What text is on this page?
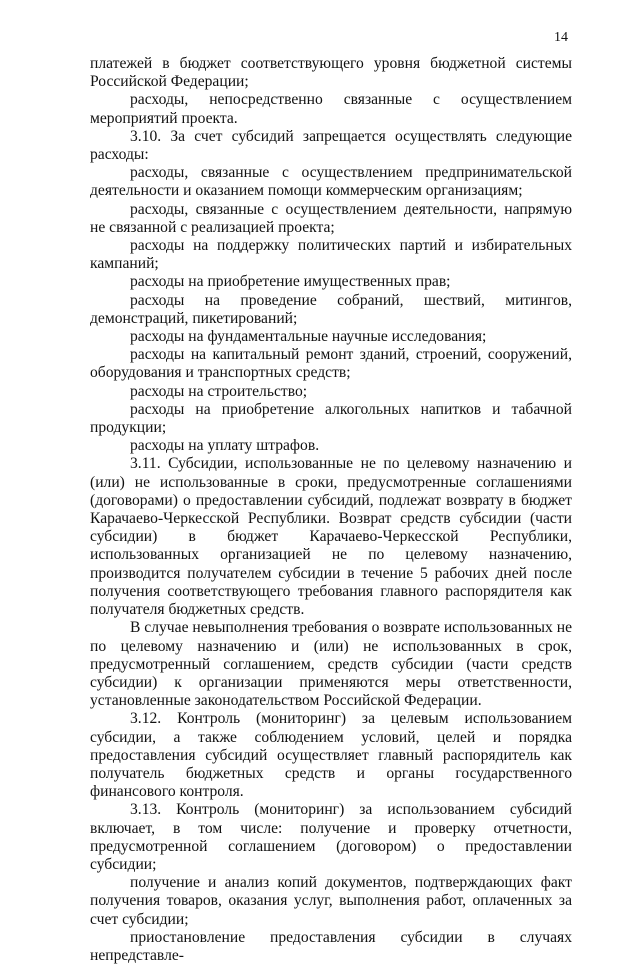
14

платежей в бюджет соответствующего уровня бюджетной системы Российской Федерации;

расходы, непосредственно связанные с осуществлением мероприятий проекта.

3.10. За счет субсидий запрещается осуществлять следующие расходы:

расходы, связанные с осуществлением предпринимательской деятельности и оказанием помощи коммерческим организациям;

расходы, связанные с осуществлением деятельности, напрямую не связанной с реализацией проекта;

расходы на поддержку политических партий и избирательных кампаний;

расходы на приобретение имущественных прав;

расходы на проведение собраний, шествий, митингов, демонстраций, пикетирований;

расходы на фундаментальные научные исследования;

расходы на капитальный ремонт зданий, строений, сооружений, оборудования и транспортных средств;

расходы на строительство;

расходы на приобретение алкогольных напитков и табачной продукции;

расходы на уплату штрафов.

3.11. Субсидии, использованные не по целевому назначению и (или) не использованные в сроки, предусмотренные соглашениями (договорами) о предоставлении субсидий, подлежат возврату в бюджет Карачаево-Черкесской Республики. Возврат средств субсидии (части субсидии) в бюджет Карачаево-Черкесской Республики, использованных организацией не по целевому назначению, производится получателем субсидии в течение 5 рабочих дней после получения соответствующего требования главного распорядителя как получателя бюджетных средств.

В случае невыполнения требования о возврате использованных не по целевому назначению и (или) не использованных в срок, предусмотренный соглашением, средств субсидии (части средств субсидии) к организации применяются меры ответственности, установленные законодательством Российской Федерации.

3.12. Контроль (мониторинг) за целевым использованием субсидии, а также соблюдением условий, целей и порядка предоставления субсидий осуществляет главный распорядитель как получатель бюджетных средств и органы государственного финансового контроля.

3.13. Контроль (мониторинг) за использованием субсидий включает, в том числе: получение и проверку отчетности, предусмотренной соглашением (договором) о предоставлении субсидии;

получение и анализ копий документов, подтверждающих факт получения товаров, оказания услуг, выполнения работ, оплаченных за счет субсидии;

приостановление предоставления субсидии в случаях непредставле-
